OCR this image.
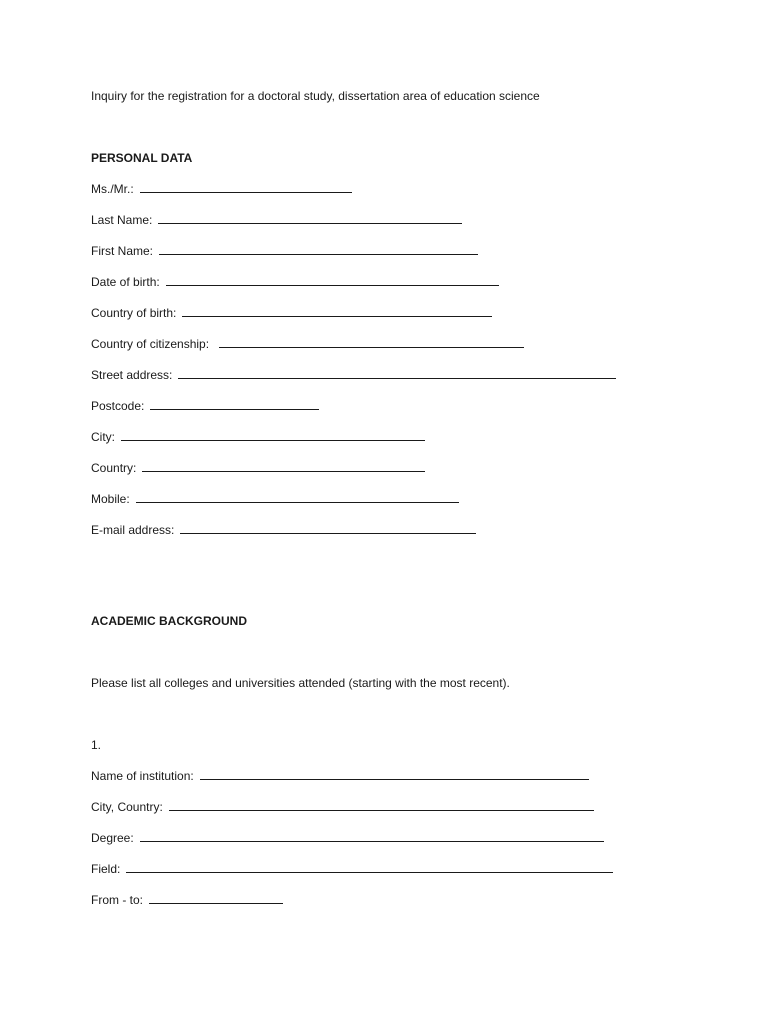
Inquiry for the registration for a doctoral study, dissertation area of education science
PERSONAL DATA
Ms./Mr.:
Last Name:
First Name:
Date of birth:
Country of birth:
Country of citizenship:
Street address:
Postcode:
City:
Country:
Mobile:
E-mail address:
ACADEMIC BACKGROUND
Please list all colleges and universities attended (starting with the most recent).
1.
Name of institution:
City, Country:
Degree:
Field:
From - to:
